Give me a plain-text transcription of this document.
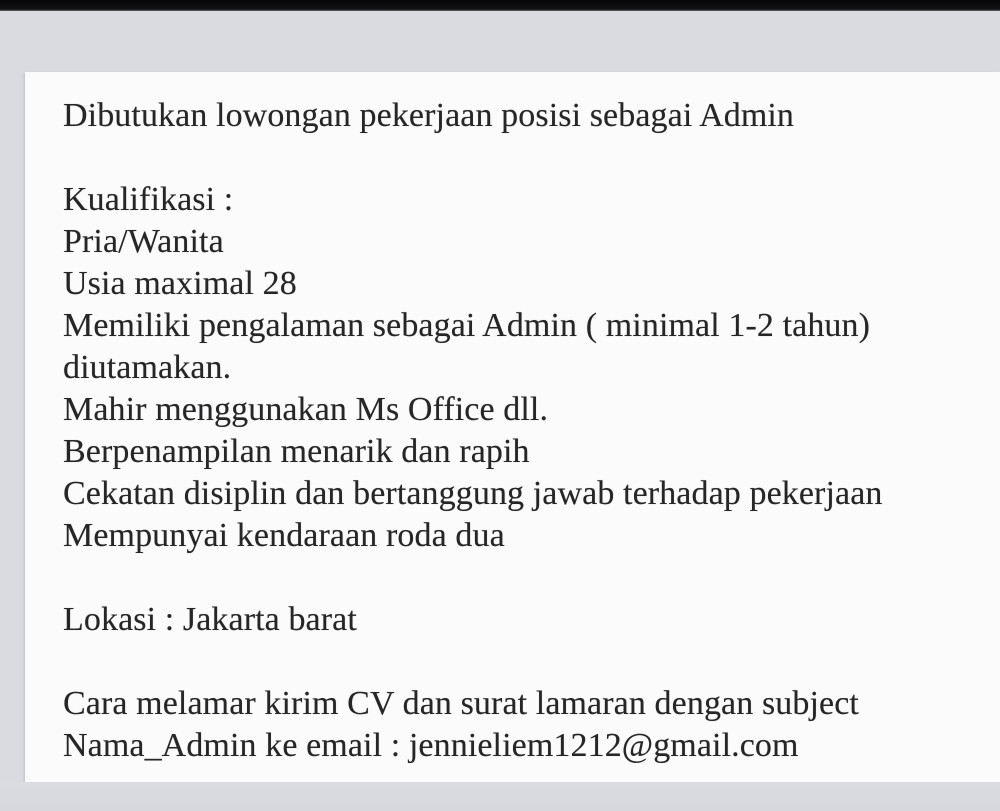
Dibutukan lowongan pekerjaan posisi sebagai Admin
Kualifikasi :
Pria/Wanita
Usia maximal 28
Memiliki pengalaman sebagai Admin ( minimal 1-2 tahun)
diutamakan.
Mahir menggunakan Ms Office dll.
Berpenampilan menarik dan rapih
Cekatan disiplin dan bertanggung jawab terhadap pekerjaan
Mempunyai kendaraan roda dua
Lokasi : Jakarta barat
Cara melamar kirim CV dan surat lamaran dengan subject
Nama_Admin ke email : jennieliem1212@gmail.com
